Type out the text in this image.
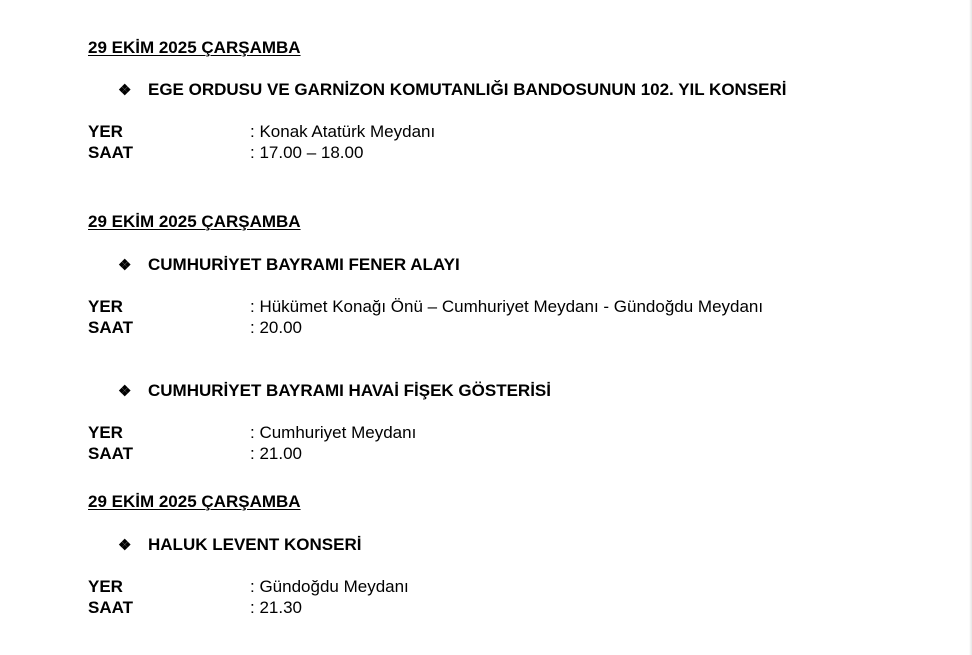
29 EKİM 2025 ÇARŞAMBA
❖ EGE ORDUSU VE GARNİZON KOMUTANLIĞI BANDOSUNUN 102. YIL KONSERİ
YER	: Konak Atatürk Meydanı
SAAT	: 17.00 – 18.00
29 EKİM 2025 ÇARŞAMBA
❖ CUMHURİYET BAYRAMI FENER ALAYI
YER	: Hükümet Konağı Önü – Cumhuriyet Meydanı - Gündoğdu Meydanı
SAAT	: 20.00
❖ CUMHURİYET BAYRAMI HAVAİ FİŞEK GÖSTERİSİ
YER	: Cumhuriyet Meydanı
SAAT	: 21.00
29 EKİM 2025 ÇARŞAMBA
❖ HALUK LEVENT KONSERİ
YER	: Gündoğdu Meydanı
SAAT	: 21.30
